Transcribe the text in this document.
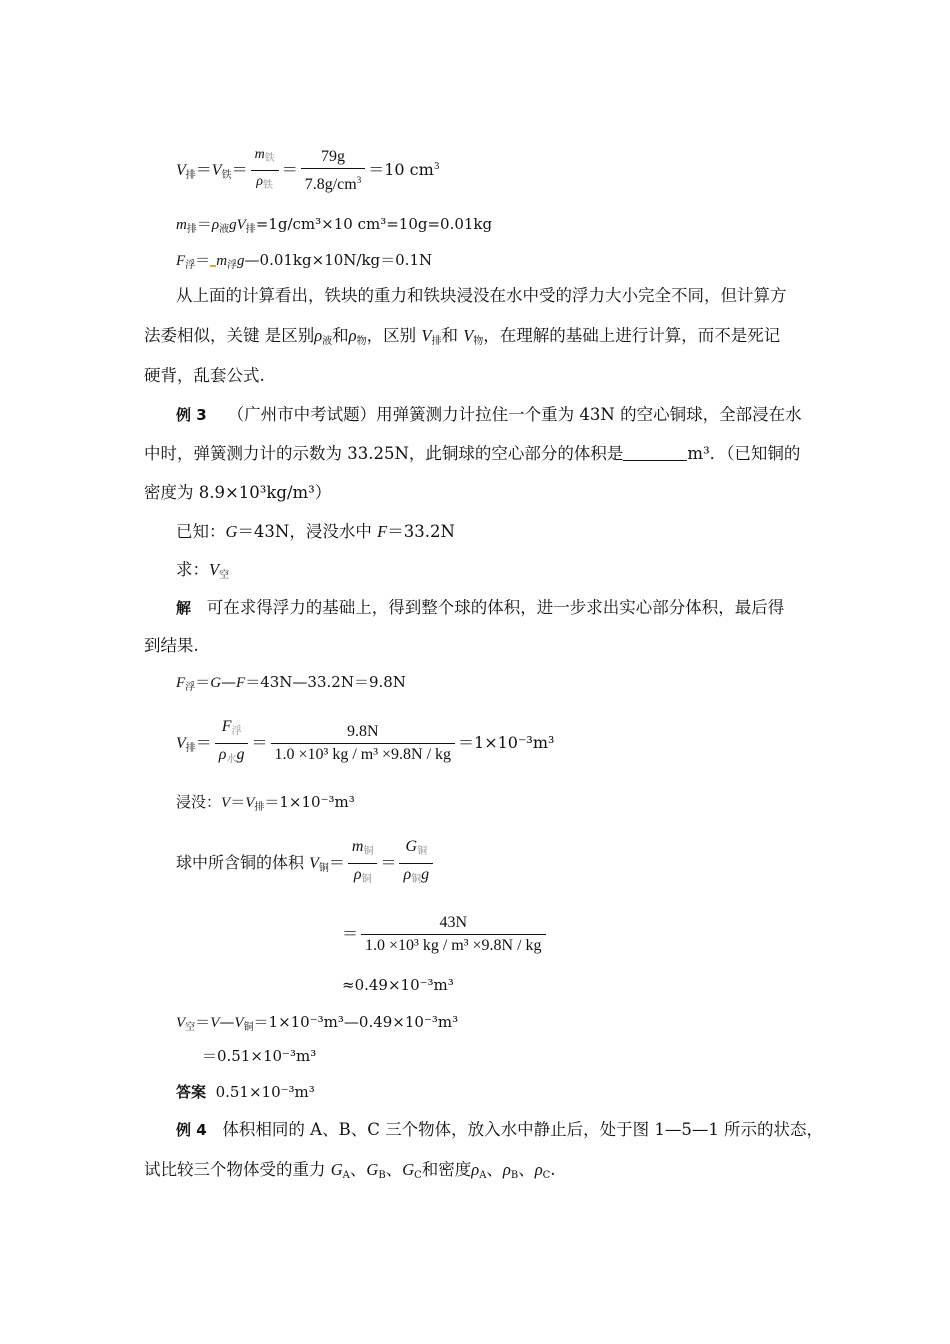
$V_排=V_铁= \frac{m_铁}{\rho_铁} = \frac{79g}{7.8g/cm^3} =10$ $cm^3$
$m_排=\rho_液gV_排=1g/cm^3\times 10$ cm³=10g=0.01kg
$F_浮=$ $m_浮g—0.01kg\times 10N/kg=0.1N$
从上面的计算看出，铁块的重力和铁块浸没在水中受的浮力大小完全不同，但计算方
法委相似，关键 是区别$\rho_液$和$\rho_物$，区别 $V_排$和 $V_物$，在理解的基础上进行计算，而不是死记
硬背，乱套公式.
例 3 （广州市中考试题）用弹簧测力计拉住一个重为 43N 的空心铜球，全部浸在水
中时，弹簧测力计的示数为 33.25N，此铜球的空心部分的体积是	m³．（已知铜的
密度为 8.9×10³kg/m³）
已知：G＝43N，浸没水中 F＝33.2N
求：$V_空$
解 可在求得浮力的基础上，得到整个球的体积，进一步求出实心部分体积，最后得
到结果.
$F_浮=G—F=43N—33.2N=9.8N$
$V_排= \frac{F_浮}{\rho_水g} = \frac{9.8N}{\text{1.0 ×10³ kg / m³ ×9.8N / kg}} =1\times 10^{-3}m^3$
浸没：$V=V_排=1\times 10^{-3}m^3$
球中所含铜的体积 $V_铜= \frac{m_铜}{\rho_铜} = \frac{G_铜}{\rho_铜g}$
＝ $\frac{43N}{\text{1.0 ×10³ kg / m³ ×9.8N / kg}}$
≈0.49×10⁻³m³
$V_空=V—V_铜=1\times 10^{-3}m^3—0.49\times 10^{-3}m^3$
＝0.51×10⁻³m³
答案 0.51×10⁻³m³
例 4 体积相同的 A、B、C 三个物体，放入水中静止后，处于图 1—5—1 所示的状态，
试比较三个物体受的重力 $G_A$、$G_B$、$G_C$和密度$\rho_A$、$\rho_B$、$\rho_C$.
